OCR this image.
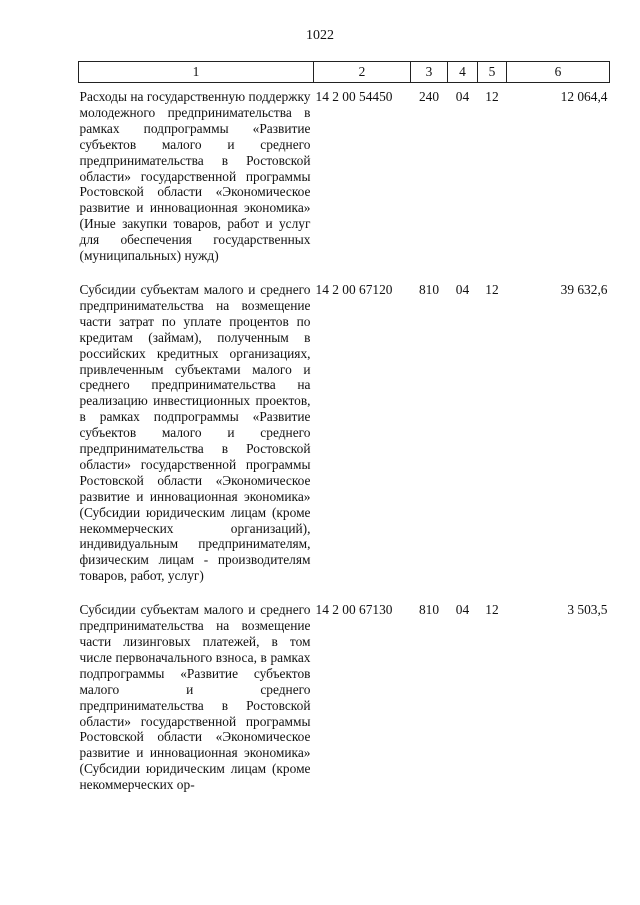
1022
1	2	3	4	5	6
Расходы на государственную поддержку молодежного предпринимательства в рамках подпрограммы «Развитие субъектов малого и среднего предпринимательства в Ростовской области» государственной программы Ростовской области «Экономическое развитие и инновационная экономика» (Иные закупки товаров, работ и услуг для обеспечения государственных (муниципальных) нужд)	14 2 00 54450	240	04	12	12 064,4
Субсидии субъектам малого и среднего предпринимательства на возмещение части затрат по уплате процентов по кредитам (займам), полученным в российских кредитных организациях, привлеченным субъектами малого и среднего предпринимательства на реализацию инвестиционных проектов, в рамках подпрограммы «Развитие субъектов малого и среднего предпринимательства в Ростовской области» государственной программы Ростовской области «Экономическое развитие и инновационная экономика» (Субсидии юридическим лицам (кроме некоммерческих организаций), индивидуальным предпринимателям, физическим лицам - производителям товаров, работ, услуг)	14 2 00 67120	810	04	12	39 632,6
Субсидии субъектам малого и среднего предпринимательства на возмещение части лизинговых платежей, в том числе первоначального взноса, в рамках подпрограммы «Развитие субъектов малого и среднего предпринимательства в Ростовской области» государственной программы Ростовской области «Экономическое развитие и инновационная экономика» (Субсидии юридическим лицам (кроме некоммерческих ор-	14 2 00 67130	810	04	12	3 503,5
